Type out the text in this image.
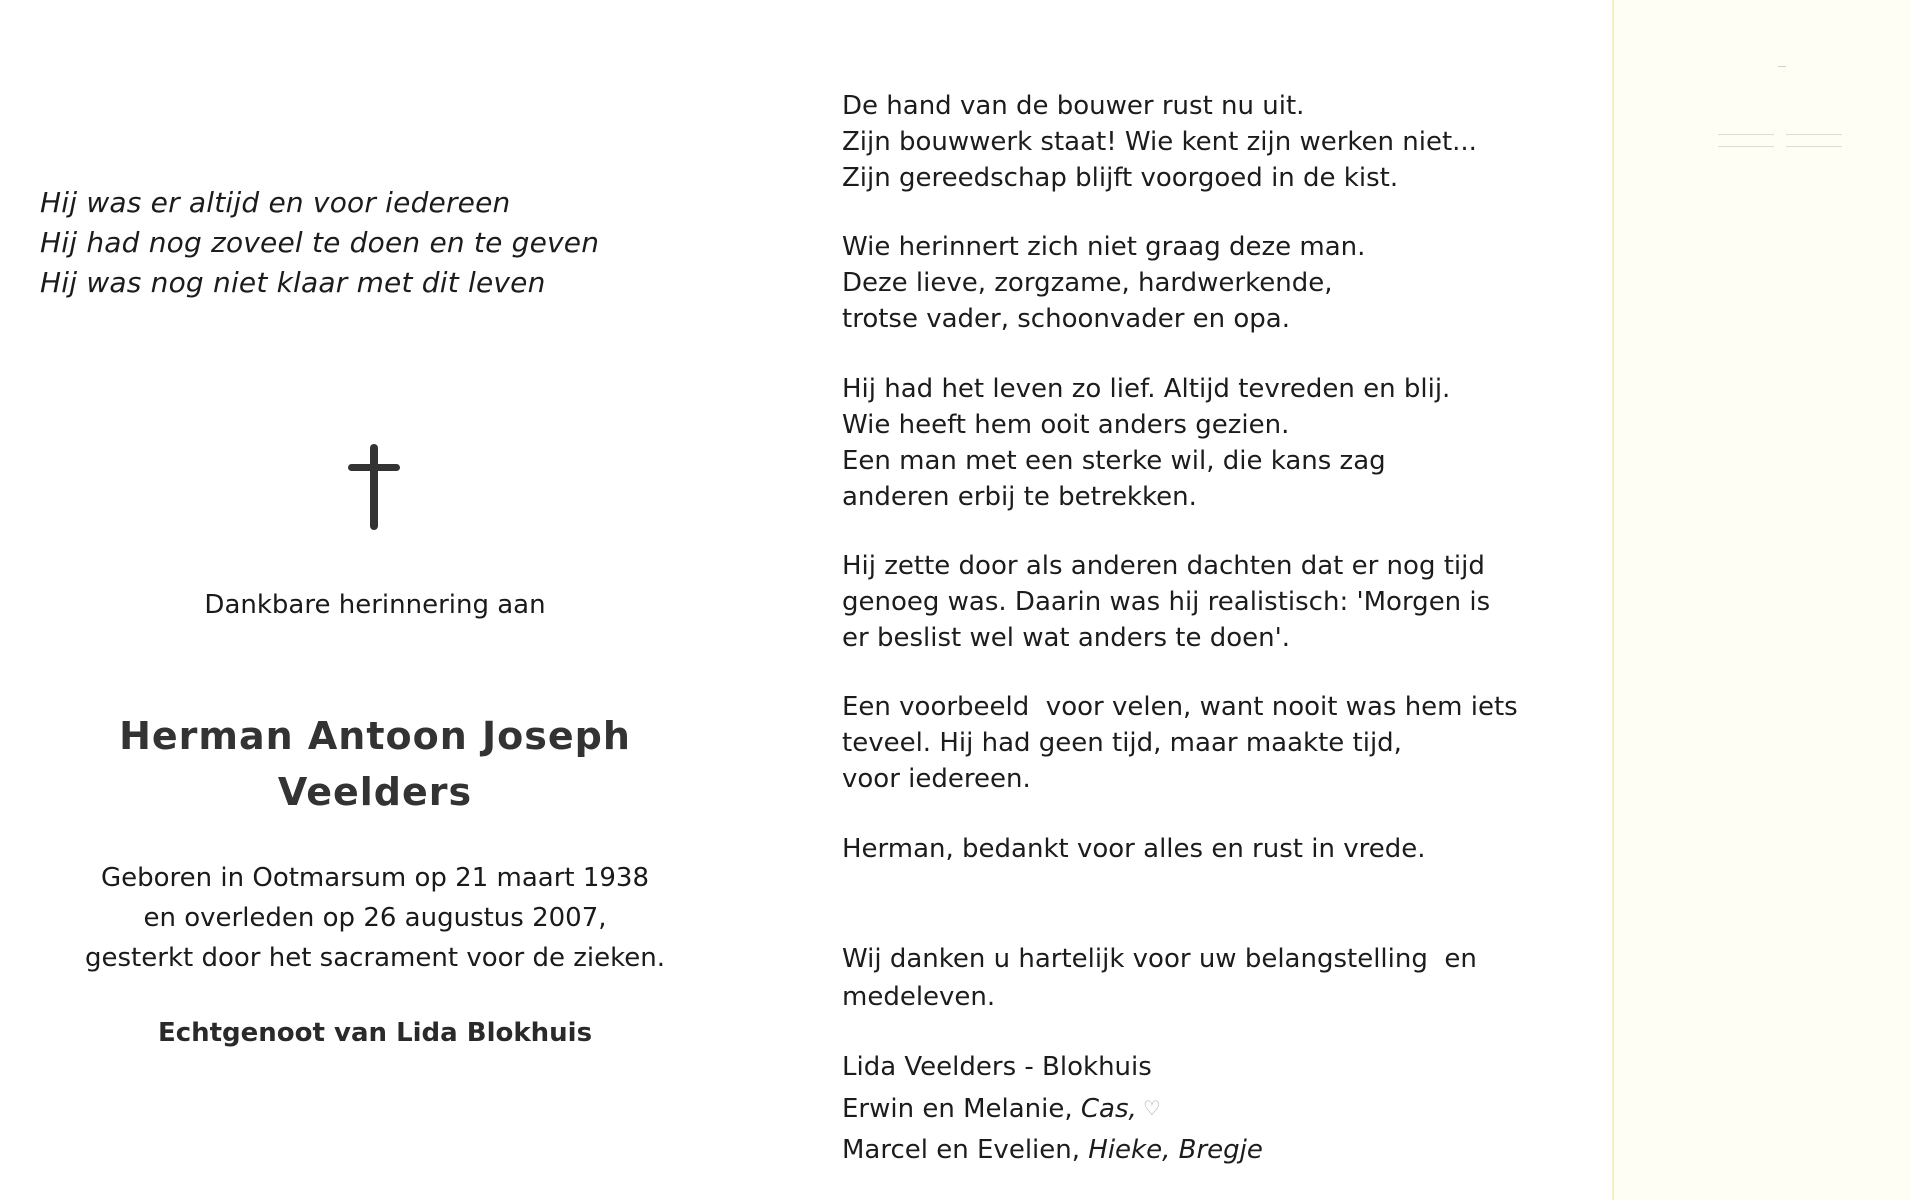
Hij was er altijd en voor iedereen
Hij had nog zoveel te doen en te geven
Hij was nog niet klaar met dit leven
Dankbare herinnering aan
Herman Antoon Joseph
Veelders
Geboren in Ootmarsum op 21 maart 1938
en overleden op 26 augustus 2007,
gesterkt door het sacrament voor de zieken.
Echtgenoot van Lida Blokhuis
De hand van de bouwer rust nu uit.
Zijn bouwwerk staat! Wie kent zijn werken niet...
Zijn gereedschap blijft voorgoed in de kist.
Wie herinnert zich niet graag deze man.
Deze lieve, zorgzame, hardwerkende,
trotse vader, schoonvader en opa.
Hij had het leven zo lief. Altijd tevreden en blij.
Wie heeft hem ooit anders gezien.
Een man met een sterke wil, die kans zag
anderen erbij te betrekken.
Hij zette door als anderen dachten dat er nog tijd
genoeg was. Daarin was hij realistisch: 'Morgen is
er beslist wel wat anders te doen'.
Een voorbeeld  voor velen, want nooit was hem iets
teveel. Hij had geen tijd, maar maakte tijd,
voor iedereen.
Herman, bedankt voor alles en rust in vrede.
Wij danken u hartelijk voor uw belangstelling  en
medeleven.
Lida Veelders - Blokhuis
Erwin en Melanie, Cas, ♡
Marcel en Evelien, Hieke, Bregje
